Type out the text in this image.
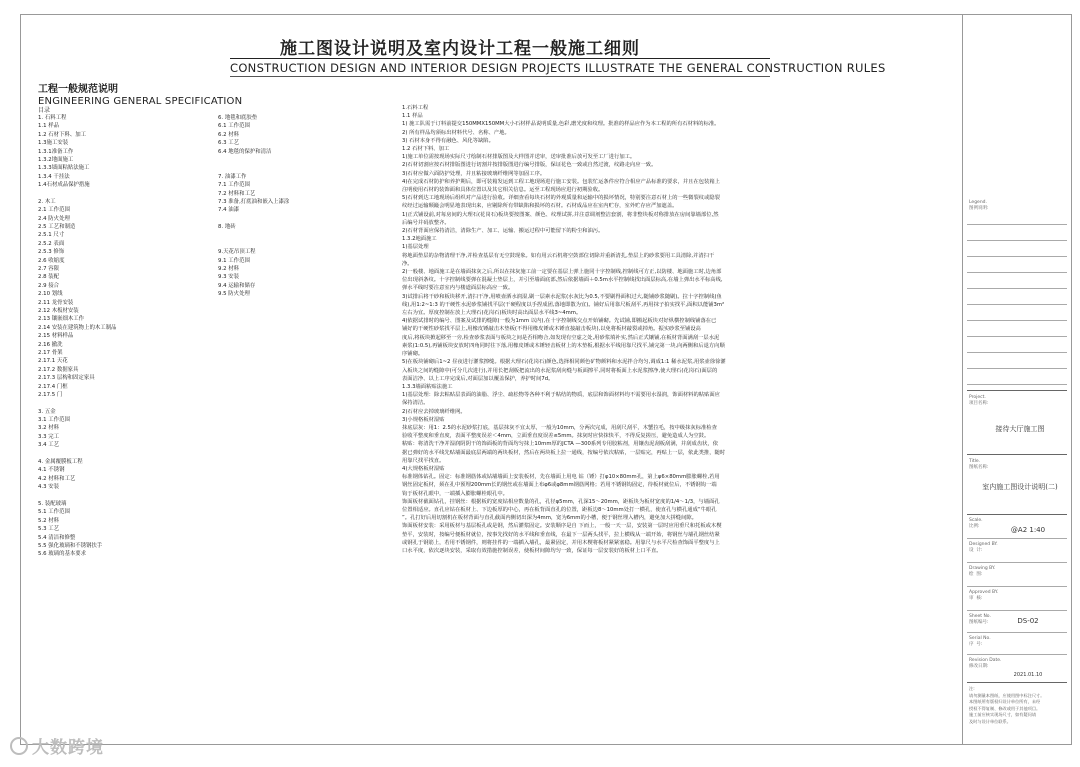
施工图设计说明及室内设计工程一般施工细则
CONSTRUCTION DESIGN AND INTERIOR DESIGN PROJECTS ILLUSTRATE THE GENERAL CONSTRUCTION RULES
工程一般规范说明
ENGINEERING GENERAL SPECIFICATION
目录
1. 石料工程
1.1 样品
1.2 石材下料、加工
1.3施工安装
1.3.1准备工作
1.3.2地面施工
1.3.3墙面粘贴法施工
1.3.4 干挂法
1.4石材成品保护措施
2. 木工
2.1 工作范围
2.4 防火处理
2.5 工艺和制造
2.5.1 尺寸
2.5.2 表面
2.5.3 修饰
2.6 收缩度
2.7 容限
2.8 装配
2.9 接合
2.10 划线
2.11 龙骨安装
2.12 木板材安装
2.13 镶嵌细木工作
2.14 安装在建筑物上的木工制品
2.15 材料样品
2.16 撤洗
2.17 骨架
2.17.1 天花
2.17.2 数据家具
2.17.3 层构和固定家具
2.17.4 门框
2.17.5 门
3. 五金
3.1 工作范围
3.2 材料
3.3 完工
3.4 工艺
4. 金属覆膜板工程
4.1 不锈钢
4.2 材料和工艺
4.3 安装
5. 装配玻璃
5.1 工作范围
5.2 材料
5.3 工艺
5.4 清洁和修整
5.5 强化玻璃和不锈钢扶手
5.6 玻璃的基本要求
6. 地毯和底胶垫
6.1 工作范围
6.2 材料
6.3 工艺
6.4 地毯的保护和清洁
7. 油漆工作
7.1 工作范围
7.2 材料和工艺
7.3 准备,打底油和嵌入上漆涂
7.4 油漆
8. 地砖
9.天花吊顶工程
9.1 工作范围
9.2 材料
9.3 安装
9.4 运输和储存
9.5 防火处理

1.石料工程

1.1 样品

1) 施工队需于订料前提交150MMX150MM大小石材样品说明质量,色彩,磨光度和纹理。批准的样品应作为本工程的所有石材料的标准。

2) 所有样品均须标出材料代号、名称、产地。

3) 石材本身不得有融色、风化等缺陷。

1.2 石材下料、加工

1)施工单位需按现场实际尺寸绘制石材排版图及大样图并送审，送审批准后放可发至工厂进行加工。

2)石材切割应按石材排版图进行切割并按排版图进行编号排版，保证花色一致或自然过渡，纹路走向应一致。

3)石材应做六面防护处理，并且粘接玻璃纤维网等加固工序。

4)在完成石材防护和养护期后，即可装箱发运到工程工地现场进行施工安装。包装忙运条件应符合相应产品标准的要求，并且在包装箱上

注明使用石材的装饰面和具体位置以及其它相关信息。运至工程现场应进行初期验收。

5)石材到达工地现场后组织对产品进行验收。详细查看每块石材的外观质量和运输中的损坏情况，特别要注意石材上的一些微裂纹或隐裂

纹经过运输颠簸会明显地表现出来，应剔除所有带缺陷和损坏的石材。石材成品应在室内贮存，室外贮存应严加遮盖。

1)正式铺设前,对每房间的大理石(花岗石)板块要按图案、颜色、纹理试拼,并注意调剂整洁套割，将非整块板对称排放在房间靠墙部位,然

后编号并码放整齐。

2)石材背面应保持清洁，清除生产、加工、运输、搬运过程中可能留下的粉尘和油污。

1.3.2地面施工

1)基层处理

将地面垫层的杂物清理干净,并检查基层有无空鼓现象。如有用云石机将空鼓部位切除并重新清扎,垫层上的砂浆要用工具清除,并清扫干

净。

2)一般楼、地面施工是在墙面抹灰之后,所以在抹灰施工前一定要在基层上弹上施同十字控制线,控制线可方正,以防楼、地面施工时,边角部

位出现斜条纹。十字控制线要弹在混凝土垫层上，并引至墙面底部,然后依据墙面＋0.5m水平控制线找出面层标高,在墙上弹出水平标高线,

弹水平线时要注意室内与楼道面层标高应一致。

3)试排后将干砂和板块移开,清扫干净,用喷壶洒水润湿,刷一层素水泥浆(水灰比为0.5,不要刷得面积过大,随铺砂浆随刷)。拉十字控制线(鱼

线),用1:2~1:3 的干硬性水泥砂浆铺找平层(干硬程度以手捏成团,落地即散为宜)。铺好后用靠尺板刮平,再用抹子拍实找平,面积以能铺3m²

左右为宜。厚度控制在放上大理石(花岗石)板块时高出面层水平线3~4mm。

4)依据试排时的编号、图案及试排的缝隙(一般为1mm 以内),在十字控制线交点开始铺砌。先试铺,即搬起板块对好纵横控制线铺落在已

铺好的干硬性砂浆找平层上,用橡皮锤敲击木垫板(不得用橡皮锤或木锤直接敲击板块),以免将板材敲裂或掉角。振实砂浆至铺设高

度后,将板块掀起移至一旁,检查砂浆表面与板块之间是否相吻合,如发现有空虚之处,用砂浆填补实,然后正式镶铺,在板材背面满刮一层水泥

素浆(1:0.5),再铺板块安放时四角同时往下落,用橡皮锤或木锤轻击板材上的木垫板,根据水平线用靠尺找平,铺完第一块,向两侧和后退方向顺

序铺砌。

5)在板块铺砌后1~2 昼夜进行灌浆擦缝。根据大理石(花岗石)颜色,选择相同颜色矿物颜料和水泥拌合均匀,调成1:1 稀水泥浆,用浆壶徐徐灌

入板块之间的缝隙中(可分几次进行),并用长把刮板把流出的水泥浆刮向缝与板面擦平,同时将板面上水泥浆擦净,使大理石(花岗石)面层的

表面洁净、以上工序完成后,对面层加以覆盖保护，养护时间7d。

1.3.3墙面粘贴法施工

1)基层处理：除去粘贴层表面的油脂、浮尘、疏松物等各种不利于粘结的物质，底层和饰面材料均不需要用水湿润，饰面材料的粘贴面应

保持清洁。

2)石材应去掉玻璃纤维网。

3)小规格板材湿贴

抹底层灰：用1：2.5的水泥砂浆打底，基层抹灰不宜太厚，一般为10mm，分两次完成，用刮尺刮平，木蟹拉毛，按中级抹灰标准检查

验收平整度和垂直度，表面平整度误差＜4mm，立面垂直度误差≤5mm。抹灰时应快抹快平，不得反复搓压，避免造成人为空鼓。

粘贴：将清洗干净并湿润阴阴干的饰面板的背面均匀抹上10mm厚的JCTA —300系列专用胶粘剂，用镶齿泥刮板刮满，并刮成齿状，依

据已弹好的水平线先贴墙面最底层两端的两块板材，然后在两块板上拉一通线，按编号依次粘贴，一层贴完，再贴上一层，依此类推，随时

用靠尺找平找直。

4)大规格板材湿贴

标准钢体钻孔。固定：标准钢筋体或钻墙墙面上安装板材，先在墙面上用电 钻（锤）打φ10×80mm孔，第上φ6×80mm膨胀螺栓,若用

钢丝固定板材，须在孔中预埋200mm长的钢丝或在墙面上布φ6或φ8mm钢筋网格；若用不锈钢钩固定，待板材就位后，不锈钢钩一端

钩于板材孔眼中，一端插入膨胀螺栓眼孔中。

饰面板材截面钻孔，挂钢丝：根据板的宽度钻相应数量的孔，孔径φ5mm，孔深15～20mm，距板块为板材宽度的1/4～1/3，与墙面孔

位置相适应。直孔应钻在板材上、下边板厚的中心，再在板背面直孔的位置，距板边8～10mm处打一横孔，使直孔与横孔通成“牛眼孔

”。孔打好后用切割机在板材背面与直孔截面内侧切出深为4mm，宽为6mm的小槽，便于钢丝埋入槽内，避免加大拼缝间隙。

饰面板材安装：采用板材与基层板孔或是钢，然后灌浆固定。安装顺序是自 下而上，一般一天一层，安装第一层时应用垂尺和托板或木楔

垫平，安装时，按编号便板材就位，按事先找好的水平线和垂直线，在最下一层两头找平，拉上横线从一端开始，将钢丝与墙孔钢丝结紧

或钢孔于钢筋上，若用不锈钢件，则将挂件的一端插入墙孔，最紧固定，并用木楔将板材紧紧塞稳。用靠尺与水平尺检查饰面平整度与上

口水平度，依次逐块安装，采取有效措施控制误差，使板材间隙均匀一致，保证每一层安装好的板材上口平直。

Legend.
图例说明:
Project.
项目名称:
接待大厅施工图
Title.
图纸名称:
室内施工图设计说明(二)
Scale.
比例:	@A2 1:40
Designed BY.
设  计:
Drawing BY.
绘  图:
Approved BY.
审  核:
Sheet No.
图纸编号:	DS-02
Serial No.
序  号:
Revision Date.
修改日期:
2021.01.10
注:
请勿测量本图纸，应使用图中标注尺寸。
本图纸所有版权归设计单位所有，未经
授权不得复制、修改或用于其他项目。
施工前应核实现场尺寸，如有疑问请
及时与设计单位联系。
大数跨境
